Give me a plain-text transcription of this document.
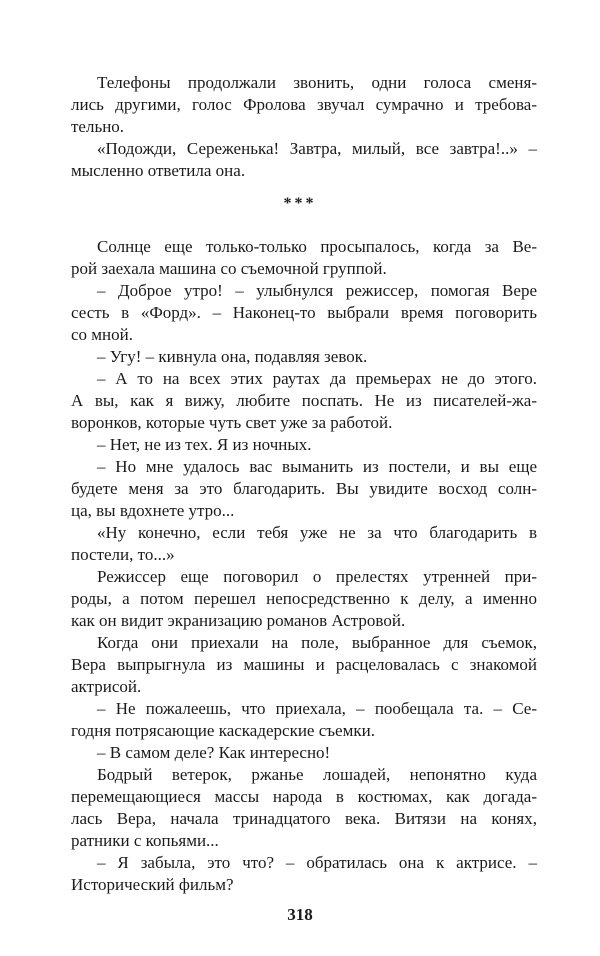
Телефоны продолжали звонить, одни голоса сменя-
лись другими, голос Фролова звучал сумрачно и требова-
тельно.
«Подожди, Сереженька! Завтра, милый, все завтра!..» –
мысленно ответила она.
***
Солнце еще только-только просыпалось, когда за Ве-
рой заехала машина со съемочной группой.
– Доброе утро! – улыбнулся режиссер, помогая Вере
сесть в «Форд». – Наконец-то выбрали время поговорить
со мной.
– Угу! – кивнула она, подавляя зевок.
– А то на всех этих раутах да премьерах не до этого.
А вы, как я вижу, любите поспать. Не из писателей-жа-
воронков, которые чуть свет уже за работой.
– Нет, не из тех. Я из ночных.
– Но мне удалось вас выманить из постели, и вы еще
будете меня за это благодарить. Вы увидите восход солн-
ца, вы вдохнете утро...
«Ну конечно, если тебя уже не за что благодарить в
постели, то...»
Режиссер еще поговорил о прелестях утренней при-
роды, а потом перешел непосредственно к делу, а именно
как он видит экранизацию романов Астровой.
Когда они приехали на поле, выбранное для съемок,
Вера выпрыгнула из машины и расцеловалась с знакомой
актрисой.
– Не пожалеешь, что приехала, – пообещала та. – Се-
годня потрясающие каскадерские съемки.
– В самом деле? Как интересно!
Бодрый ветерок, ржанье лошадей, непонятно куда
перемещающиеся массы народа в костюмах, как догада-
лась Вера, начала тринадцатого века. Витязи на конях,
ратники с копьями...
– Я забыла, это что? – обратилась она к актрисе. –
Исторический фильм?
318
